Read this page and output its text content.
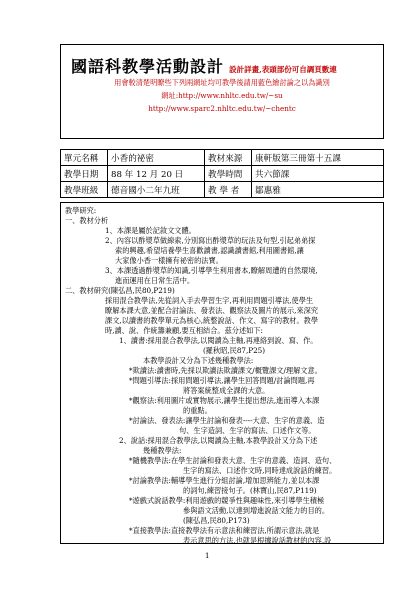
國語科教學活動設計 設計詳畫,表頭部份可自調頁數連
用會較清楚明瞭些下列兩網址均可教學後請用藍色繪討論之以為識別
網址:http://www.nhltc.edu.tw/~su
http://www.sparc2.nhltc.edu.tw/~chentc
單元名稱	小香的祕密	教材來源	康軒版第三冊第十五課
教學日期	88 年 12 月 20 日	教學時間	共六節課
教學班級	德音國小二年九班	教 學 者	鄒惠雅

教學研究:

一、教材分析

1、本課是屬於記敘文文體。

2、內容以酢漿草做線索,分別寫出酢漿草的玩法及句型,引起弟弟探

索的興趣,希望培養學生喜歡讀書,認識讀書館,利用圖書館,讓

大家像小香一樣擁有祕密的法寶。

3、本課透過酢漿草的知識,引導學生利用書本,瞭解周遭的自然環境,

進而運用在日常生活中。

二、教材研究(陳弘昌,民80,P219)

採用混合教學法,先從詞入手去學習生字,再利用問題引導法,使學生

瞭解本課大意,並配合討論法、發表法、觀察法及圖片的展示,來深究

課文,以讀書的教學單元為核心,統整說話、作文、寫字的教材。教學

時,讀、說、作統籌兼顧,要互相結合。茲分述如下:

1、讀書:採用混合教學法,以閱讀為主軸,再連絡到說、寫、作。

(羅秋昭,民87,P25)

本教學設計又分為下述幾種教學法:

*欺讀法:讀書時,先採以欺讀法欺讀課文/概覽課文/理解文意。

*問題引導法:採用問題引導法,讓學生回答問題/討論問題,再

將答案統整成全課的大意。

*觀察法:利用圖片或實物展示,讓學生提出想法,進而導入本課

的重點。

*討論法、發表法:讓學生討論和發表----大意、生字的意義、造

句、生字造詞、生字的寫法、口述作文等。

2、說話:採用混合教學法,以閱讀為主軸,本教學設計又分為下述

幾種教學法:

*隨機教學法:在學生討論和發表大意、生字的意義、造詞、造句、

生字的寫法、口述作文時,同時達成說話的練習。

*討論教學法:輔導學生進行分組討論,增加思辨能力,並以本課

的詞句,練習接句子。(林寶山,民87,P119)

*遊戲式說話教學:利用遊戲的競爭性與趣味性,來引導學生積極

參與語文活動,以達到增進說話文能力的目的。

(陳弘昌,民80,P173)

*直接教學法:直接教學法有示意法和練習法,所謂示意法,就是

表示意思的方法,也就是根據說話教材的內容,設

1
